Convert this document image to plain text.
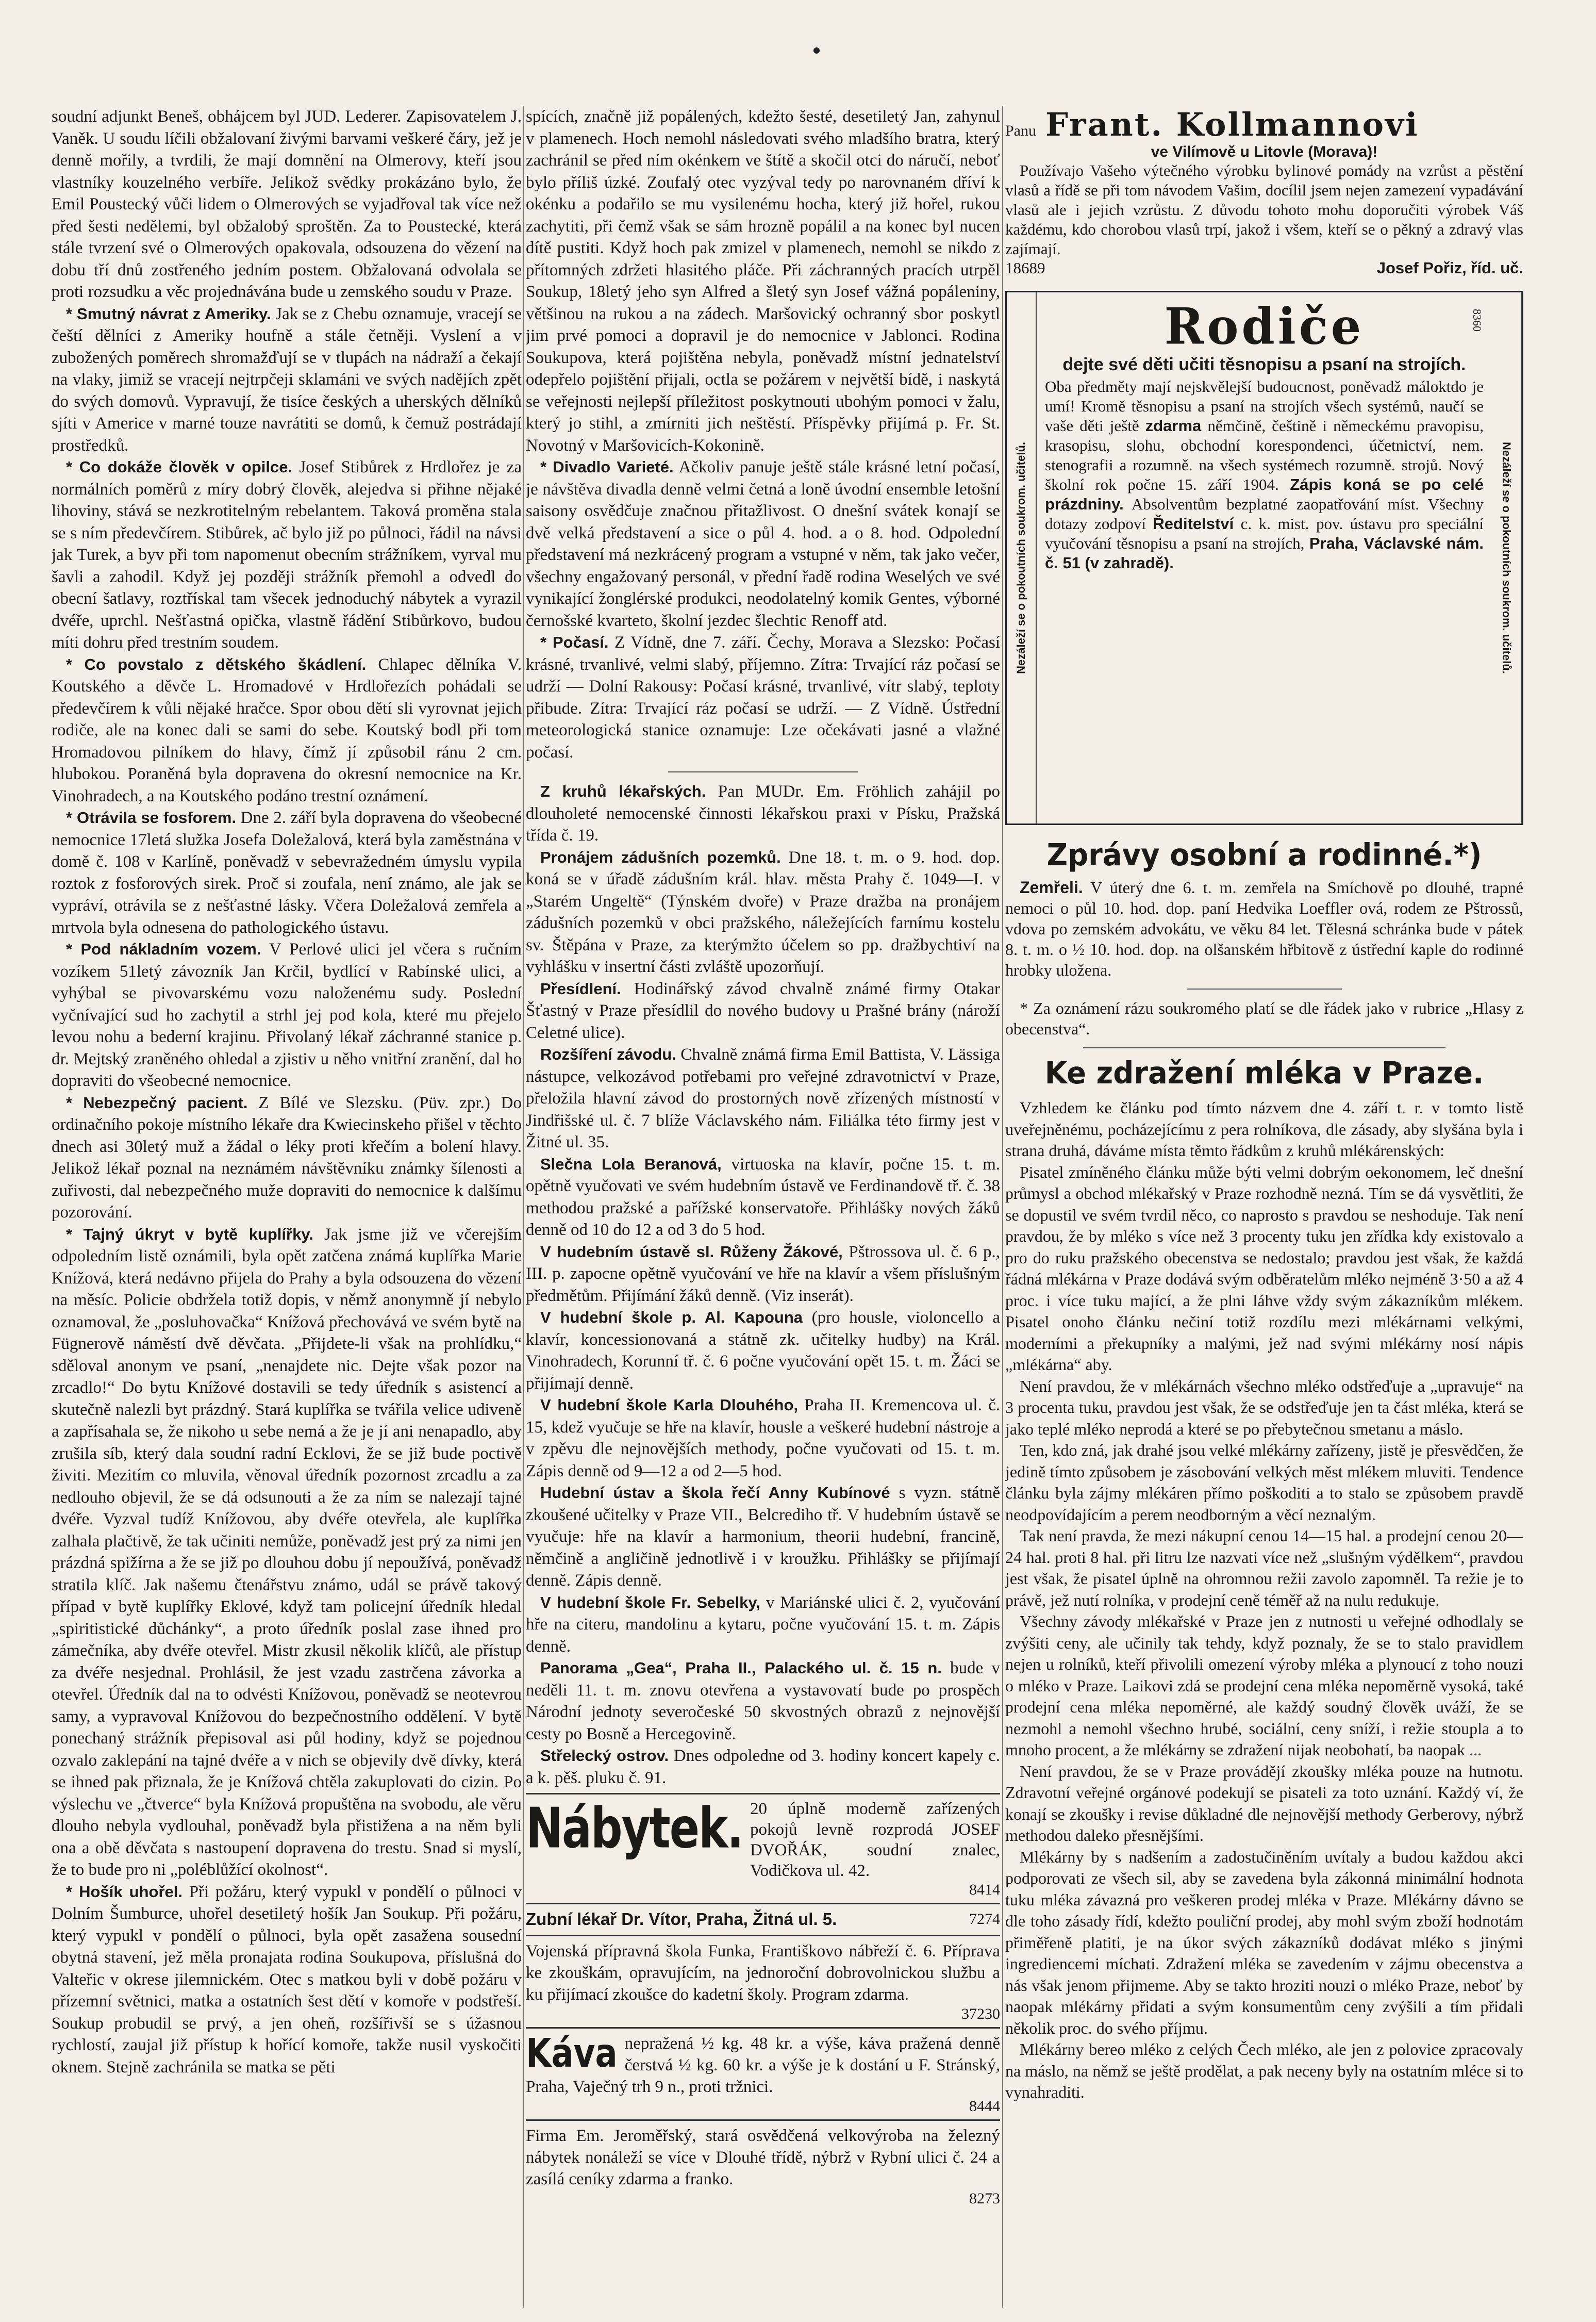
soudní adjunkt Beneš, obhájcem byl JUD. Lederer. Zapisovatelem J. Vaněk. U soudu líčili obžalovaní živými barvami veškeré čáry, jež je denně mořily, a tvrdili, že mají domnění na Olmerovy, kteří jsou vlastníky kouzelného verbíře. Jelikož svědky prokázáno bylo, že Emil Poustecký vůči lidem o Olmerových se vyjadřoval tak více než před šesti nedělemi, byl obžalobý sproštěn. Za to Poustecké, která stále tvrzení své o Olmerových opakovala, odsouzena do vězení na dobu tří dnů zostřeného jedním postem. Obžalovaná odvolala se proti rozsudku a věc projednávána bude u zemského soudu v Praze.

* Smutný návrat z Ameriky. Jak se z Chebu oznamuje, vracejí se čeští dělníci z Ameriky houfně a stále četněji. Vyslení a v zubožených poměrech shromažďují se v tlupách na nádraží a čekají na vlaky, jimiž se vracejí nejtrpčeji sklamáni ve svých nadějích zpět do svých domovů. Vypravují, že tisíce českých a uherských dělníků sjíti v Americe v marné touze navrátiti se domů, k čemuž postrádají prostředků.

* Co dokáže člověk v opilce. Josef Stibůrek z Hrdlořez je za normálních poměrů z míry dobrý člověk, alejedva si přihne nějaké lihoviny, stává se nezkrotitelným rebelantem. Taková proměna stala se s ním předevčírem. Stibůrek, ač bylo již po půlnoci, řádil na návsi jak Turek, a byv při tom napomenut obecním strážníkem, vyrval mu šavli a zahodil. Když jej později strážník přemohl a odvedl do obecní šatlavy, roztřískal tam všecek jednoduchý nábytek a vyrazil dvéře, uprchl. Nešťastná opička, vlastně řádění Stibůrkovo, budou míti dohru před trestním soudem.

* Co povstalo z dětského škádlení. Chlapec dělníka V. Koutského a děvče L. Hromadové v Hrdlořezích pohádali se předevčírem k vůli nějaké hračce. Spor obou dětí sli vyrovnat jejich rodiče, ale na konec dali se sami do sebe. Koutský bodl při tom Hromadovou pilníkem do hlavy, čímž jí způsobil ránu 2 cm. hlubokou. Poraněná byla dopravena do okresní nemocnice na Kr. Vinohradech, a na Koutského podáno trestní oznámení.

* Otrávila se fosforem. Dne 2. září byla dopravena do všeobecné nemocnice 17letá služka Josefa Doležalová, která byla zaměstnána v domě č. 108 v Karlíně, poněvadž v sebevražedném úmyslu vypila roztok z fosforových sirek. Proč si zoufala, není známo, ale jak se vypráví, otrávila se z nešťastné lásky. Včera Doležalová zemřela a mrtvola byla odnesena do pathologického ústavu.

* Pod nákladním vozem. V Perlové ulici jel včera s ručním vozíkem 51letý závozník Jan Krčil, bydlící v Rabínské ulici, a vyhýbal se pivovarskému vozu naloženému sudy. Poslední vyčnívající sud ho zachytil a strhl jej pod kola, které mu přejelo levou nohu a bederní krajinu. Přivolaný lékař záchranné stanice p. dr. Mejtský zraněného ohledal a zjistiv u něho vnitřní zranění, dal ho dopraviti do všeobecné nemocnice.

* Nebezpečný pacient. Z Bílé ve Slezsku. (Püv. zpr.) Do ordinačního pokoje místního lékaře dra Kwiecinskeho přišel v těchto dnech asi 30letý muž a žádal o léky proti křečím a bolení hlavy. Jelikož lékař poznal na neznámém návštěvníku známky šílenosti a zuřivosti, dal nebezpečného muže dopraviti do nemocnice k dalšímu pozorování.

* Tajný úkryt v bytě kuplířky. Jak jsme již ve včerejším odpoledním listě oznámili, byla opět zatčena známá kuplířka Marie Knížová, která nedávno přijela do Prahy a byla odsouzena do vězení na měsíc. Policie obdržela totiž dopis, v němž anonymně jí nebylo oznamoval, že „posluhovačka“ Knížová přechovává ve svém bytě na Fügnerově náměstí dvě děvčata. „Přijdete-li však na prohlídku,“ sděloval anonym ve psaní, „nenajdete nic. Dejte však pozor na zrcadlo!“ Do bytu Knížové dostavili se tedy úředník s asistencí a skutečně nalezli byt prázdný. Stará kuplířka se tvářila velice udiveně a zapřísahala se, že nikoho u sebe nemá a že je jí ani nenapadlo, aby zrušila síb, který dala soudní radní Ecklovi, že se již bude poctivě živiti. Mezitím co mluvila, věnoval úředník pozornost zrcadlu a za nedlouho objevil, že se dá odsunouti a že za ním se nalezají tajné dvéře. Vyzval tudíž Knížovou, aby dvéře otevřela, ale kuplířka zalhala plačtivě, že tak učiniti nemůže, poněvadž jest prý za nimi jen prázdná spižírna a že se již po dlouhou dobu jí nepoužívá, poněvadž stratila klíč. Jak našemu čtenářstvu známo, udál se právě takový případ v bytě kuplířky Eklové, když tam policejní úředník hledal „spiritistické důchánky“, a proto úředník poslal zase ihned pro zámečníka, aby dvéře otevřel. Mistr zkusil několik klíčů, ale přístup za dvéře nesjednal. Prohlásil, že jest vzadu zastrčena závorka a otevřel. Úředník dal na to odvésti Knížovou, poněvadž se neotevrou samy, a vypravoval Knížovou do bezpečnostního oddělení. V bytě ponechaný strážník přepisoval asi půl hodiny, když se pojednou ozvalo zaklepání na tajné dvéře a v nich se objevily dvě dívky, která se ihned pak přiznala, že je Knížová chtěla zakuplovati do cizin. Po výslechu ve „čtverce“ byla Knížová propuštěna na svobodu, ale věru dlouho nebyla vydlouhal, poněvadž byla přistižena a na něm byli ona a obě děvčata s nastoupení dopravena do trestu. Snad si myslí, že to bude pro ni „poléblůžící okolnost“.

* Hošík uhořel. Při požáru, který vypukl v pondělí o půlnoci v Dolním Šumburce, uhořel desetiletý hošík Jan Soukup. Při požáru, který vypukl v pondělí o půlnoci, byla opět zasažena sousední obytná stavení, jež měla pronajata rodina Soukupova, příslušná do Valteřic v okrese jilemnickém. Otec s matkou byli v době požáru v přízemní světnici, matka a ostatních šest dětí v komoře v podstřeší. Soukup probudil se prvý, a jen oheň, rozšířivší se s úžasnou rychlostí, zaujal již přístup k hořící komoře, takže nusil vyskočiti oknem. Stejně zachránila se matka se pěti

spících, značně již popálených, kdežto šesté, desetiletý Jan, zahynul v plamenech. Hoch nemohl následovati svého mladšího bratra, který zachránil se před ním okénkem ve štítě a skočil otci do náručí, neboť bylo příliš úzké. Zoufalý otec vyzýval tedy po narovnaném dříví k okénku a podařilo se mu vysilenému hocha, který již hořel, rukou zachytiti, při čemž však se sám hrozně popálil a na konec byl nucen dítě pustiti. Když hoch pak zmizel v plamenech, nemohl se nikdo z přítomných zdržeti hlasitého pláče. Při záchranných pracích utrpěl Soukup, 18letý jeho syn Alfred a šletý syn Josef vážná popáleniny, většinou na rukou a na zádech. Maršovický ochranný sbor poskytl jim prvé pomoci a dopravil je do nemocnice v Jablonci. Rodina Soukupova, která pojištěna nebyla, poněvadž místní jednatelství odepřelo pojištění přijali, octla se požárem v největší bídě, i naskytá se veřejnosti nejlepší příležitost poskytnouti ubohým pomoci v žalu, který jo stihl, a zmírniti jich neštěstí. Příspěvky přijímá p. Fr. St. Novotný v Maršovicích-Kokonině.

* Divadlo Varieté. Ačkoliv panuje ještě stále krásné letní počasí, je návštěva divadla denně velmi četná a loně úvodní ensemble letošní saisony osvědčuje značnou přitažlivost. O dnešní svátek konají se dvě velká představení a sice o půl 4. hod. a o 8. hod. Odpolední představení má nezkrácený program a vstupné v něm, tak jako večer, všechny engažovaný personál, v přední řadě rodina Weselých ve své vynikající žonglérské produkci, neodolatelný komik Gentes, výborné černošské kvarteto, školní jezdec šlechtic Renoff atd.

* Počasí. Z Vídně, dne 7. září. Čechy, Morava a Slezsko: Počasí krásné, trvanlivé, velmi slabý, příjemno. Zítra: Trvající ráz počasí se udrží — Dolní Rakousy: Počasí krásné, trvanlivé, vítr slabý, teploty přibude. Zítra: Trvající ráz počasí se udrží. — Z Vídně. Ústřední meteorologická stanice oznamuje: Lze očekávati jasné a vlažné počasí.

Z kruhů lékařských. Pan MUDr. Em. Fröhlich zahájil po dlouholeté nemocenské činnosti lékařskou praxi v Písku, Pražská třída č. 19.

Pronájem zádušních pozemků. Dne 18. t. m. o 9. hod. dop. koná se v úřadě zádušním král. hlav. města Prahy č. 1049—I. v „Starém Ungeltě“ (Týnském dvoře) v Praze dražba na pronájem zádušních pozemků v obci pražského, náležejících farnímu kostelu sv. Štěpána v Praze, za kterýmžto účelem so pp. dražbychtiví na vyhlášku v insertní části zvláště upozorňují.

Přesídlení. Hodinářský závod chvalně známé firmy Otakar Šťastný v Praze přesídlil do nového budovy u Prašné brány (nároží Celetné ulice).

Rozšíření závodu. Chvalně známá firma Emil Battista, V. Lässiga nástupce, velkozávod potřebami pro veřejné zdravotnictví v Praze, přeložila hlavní závod do prostorných nově zřízených místností v Jindřišské ul. č. 7 blíže Václavského nám. Filiálka této firmy jest v Žitné ul. 35.

Slečna Lola Beranová, virtuoska na klavír, počne 15. t. m. opětně vyučovati ve svém hudebním ústavě ve Ferdinandově tř. č. 38 methodou pražské a pařížské konservatoře. Přihlášky nových žáků denně od 10 do 12 a od 3 do 5 hod.

V hudebním ústavě sl. Růženy Žákové, Pštrossova ul. č. 6 p., III. p. zapocne opětně vyučování ve hře na klavír a všem příslušným předmětům. Přijímání žáků denně. (Viz inserát).

V hudební škole p. Al. Kapouna (pro housle, violoncello a klavír, koncessionovaná a státně zk. učitelky hudby) na Král. Vinohradech, Korunní tř. č. 6 počne vyučování opět 15. t. m. Žáci se přijímají denně.

V hudební škole Karla Dlouhého, Praha II. Kremencova ul. č. 15, kdež vyučuje se hře na klavír, housle a veškeré hudební nástroje a v zpěvu dle nejnovějších methody, počne vyučovati od 15. t. m. Zápis denně od 9—12 a od 2—5 hod.

Hudební ústav a škola řečí Anny Kubínové s vyzn. státně zkoušené učitelky v Praze VII., Belcrediho tř. V hudebním ústavě se vyučuje: hře na klavír a harmonium, theorii hudební, francině, němčině a angličině jednotlivě i v kroužku. Přihlášky se přijímají denně. Zápis denně.

V hudební škole Fr. Sebelky, v Mariánské ulici č. 2, vyučování hře na citeru, mandolinu a kytaru, počne vyučování 15. t. m. Zápis denně.

Panorama „Gea“, Praha II., Palackého ul. č. 15 n. bude v neděli 11. t. m. znovu otevřena a vystavovatí bude po prospěch Národní jednoty severočeské 50 skvostných obrazů z nejnovější cesty po Bosně a Hercegovině.

Střelecký ostrov. Dnes odpoledne od 3. hodiny koncert kapely c. a k. pěš. pluku č. 91.

Nábytek. 20 úplně moderně zařízených pokojů levně rozprodá JOSEF DVOŘÁK, soudní znalec, Vodičkova ul. 42.
8414

Zubní lékař Dr. Vítor, Praha, Žitná ul. 5.	7274

Vojenská přípravná škola Funka, Františkovo nábřeží č. 6. Příprava ke zkouškám, opravujícím, na jednoroční dobrovolnickou službu a ku přijímací zkoušce do kadetní školy. Program zdarma.

37230
Káva nepražená ½ kg. 48 kr. a výše, káva pražená denně čerstvá ½ kg. 60 kr. a výše je k dostání u F. Stránský, Praha, Vaječný trh 9 n., proti tržnici.

8444

Firma Em. Jeroměřský, stará osvědčená velkovýroba na železný nábytek nonáleží se více v Dlouhé třídě, nýbrž v Rybní ulici č. 24 a zasílá ceníky zdarma a franko.

8273
Panu Frant. Kollmannovi
ve Vilímově u Litovle (Morava)!

Používajo Vašeho výtečného výrobku bylinové pomády na vzrůst a pěstění vlasů a řídě se při tom návodem Vašim, docílil jsem nejen zamezení vypadávání vlasů ale i jejich vzrůstu. Z důvodu tohoto mohu doporučiti výrobek Váš každému, kdo chorobou vlasů trpí, jakož i všem, kteří se o pěkný a zdravý vlas zajímají.

18689	Josef Pořiz, říd. uč.
Nezáleží se o pokoutních soukrom. učitelů.
Rodiče	8360
dejte své děti učiti těsnopisu a psaní na strojích.

Oba předměty mají nejskvělejší budoucnost, poněvadž máloktdo je umí! Kromě těsnopisu a psaní na strojích všech systémů, naučí se vaše děti ještě zdarma němčině, češtině i německému pravopisu, krasopisu, slohu, obchodní korespondenci, účetnictví, nem. stenografii a rozumně. na všech systémech rozumně. strojů. Nový školní rok počne 15. září 1904. Zápis koná se po celé prázdniny. Absolventům bezplatné zaopatřování míst. Všechny dotazy zodpoví Ředitelství c. k. mist. pov. ústavu pro speciální vyučování těsnopisu a psaní na strojích, Praha, Václavské nám. č. 51 (v zahradě).	Nezáleží se o pokoutních soukrom. učitelů.
Zprávy osobní a rodinné.*)

Zemřeli. V úterý dne 6. t. m. zemřela na Smíchově po dlouhé, trapné nemoci o půl 10. hod. dop. paní Hedvika Loeffler ová, rodem ze Pštrossů, vdova po zemském advokátu, ve věku 84 let. Tělesná schránka bude v pátek 8. t. m. o ½ 10. hod. dop. na olšanském hřbitově z ústřední kaple do rodinné hrobky uložena.

* Za oznámení rázu soukromého platí se dle řádek jako v rubrice „Hlasy z obecenstva“.

Ke zdražení mléka v Praze.

Vzhledem ke článku pod tímto názvem dne 4. září t. r. v tomto listě uveřejněnému, pocházejícímu z pera rolníkova, dle zásady, aby slyšána byla i strana druhá, dáváme místa těmto řádkům z kruhů mlékárenských:

Pisatel zmíněného článku může býti velmi dobrým oekonomem, leč dnešní průmysl a obchod mlékařský v Praze rozhodně nezná. Tím se dá vysvětliti, že se dopustil ve svém tvrdil něco, co naprosto s pravdou se neshoduje. Tak není pravdou, že by mléko s více než 3 procenty tuku jen zřídka kdy existovalo a pro do ruku pražského obecenstva se nedostalo; pravdou jest však, že každá řádná mlékárna v Praze dodává svým odběratelům mléko nejméně 3·50 a až 4 proc. i více tuku mající, a že plnі láhve vždy svým zákazníkům mlékem. Pisatel onoho článku nečiní totiž rozdílu mezi mlékárnami velkými, moderními a překupníky a malými, jež nad svými mlékárny nosí nápis „mlékárna“ aby.

Není pravdou, že v mlékárnách všechno mléko odstřeďuje a „upravuje“ na 3 procenta tuku, pravdou jest však, že se odstřeďuje jen ta část mléka, která se jako teplé mléko neprodá a které se po přebytečnou smetanu a máslo.

Ten, kdo zná, jak drahé jsou velké mlékárny zařízeny, jistě je přesvědčen, že jedině tímto způsobem je zásobování velkých měst mlékem mluviti. Tendence článku byla zájmy mlékáren přímo poškoditi a to stalo se způsobem pravdě neodpovídajícím a perem neodborným a věcí neznalým.

Tak není pravda, že mezi nákupní cenou 14—15 hal. a prodejní cenou 20—24 hal. proti 8 hal. při litru lze nazvati více než „slušným výdělkem“, pravdou jest však, že pisatel úplně na ohromnou režii zavolo zapomněl. Ta režie je to právě, jež nutí rolníka, v prodejní ceně téměř až na nulu redukuje.

Všechny závody mlékařské v Praze jen z nutnosti u veřejné odhodlaly se zvýšiti ceny, ale učinily tak tehdy, když poznaly, že se to stalo pravidlem nejen u rolníků, kteří přivolili omezení výroby mléka a plynoucí z toho nouzi o mléko v Praze. Laikovi zdá se prodejní cena mléka nepoměrně vysoká, také prodejní cena mléka nepoměrné, ale každý soudný člověk uváží, že se nezmohl a nemohl všechno hrubé, sociální, ceny sníží, i režie stoupla a to mnoho procent, a že mlékárny se zdražení nijak neobohatí, ba naopak ...

Není pravdou, že se v Praze provádějí zkoušky mléka pouze na hutnotu. Zdravotní veřejné orgánové podekují se pisateli za toto uznání. Každý ví, že konají se zkoušky i revise důkladné dle nejnovější methody Gerberovy, nýbrž methodou daleko přesnějšími.

Mlékárny by s nadšením a zadostučiněním uvítaly a budou každou akci podporovati ze všech sil, aby se zavedena byla zákonná minimální hodnota tuku mléka závazná pro veškeren prodej mléka v Praze. Mlékárny dávno se dle toho zásady řídí, kdežto pouliční prodej, aby mohl svým zboží hodnotám přiměřeně platiti, je na úkor svých zákazníků dodávat mléko s jinými ingrediencemi míchati. Zdražení mléka se zavedením v zájmu obecenstva a nás však jenom přijmeme. Aby se takto hroziti nouzi o mléko Praze, neboť by naopak mlékárny přidati a svým konsumentům ceny zvýšili a tím přidali několik proc. do svého příjmu.

Mlékárny bereo mléko z celých Čech mléko, ale jen z polovice zpracovaly na máslo, na němž se ještě prodělat, a pak neceny byly na ostatním mléce si to vynahraditi.
